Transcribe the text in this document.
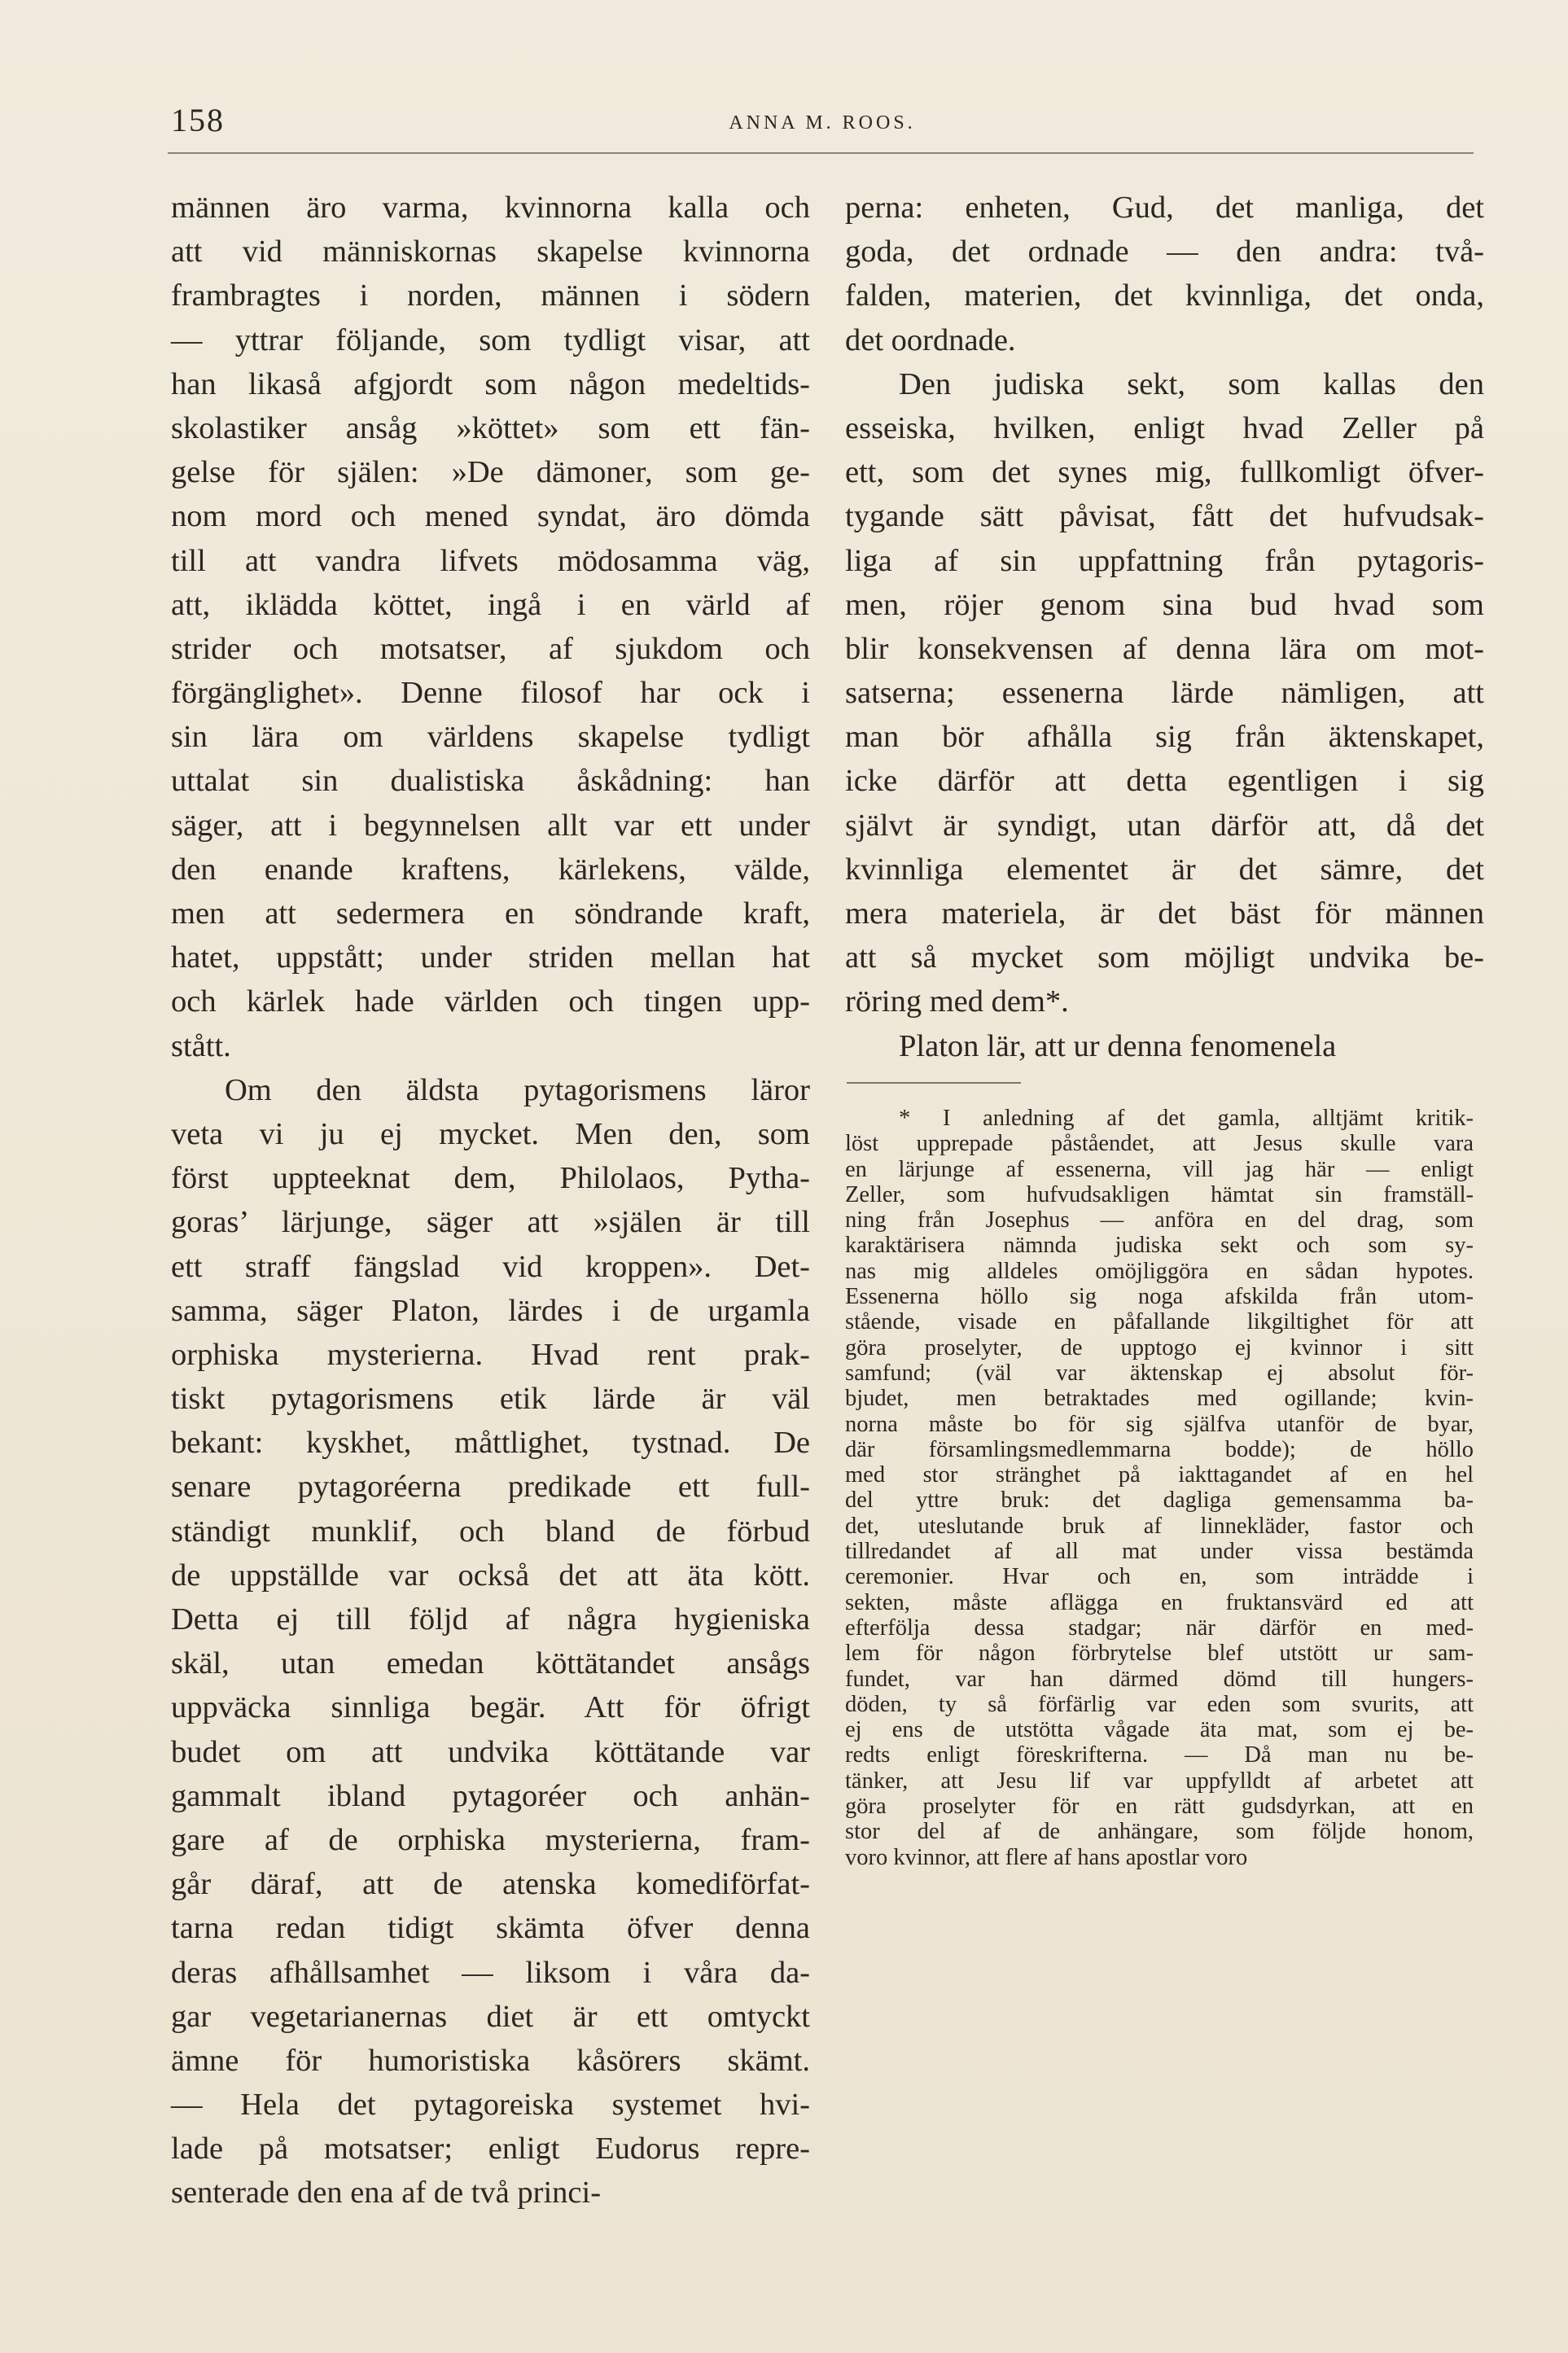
158	ANNA M. ROOS.
männen äro varma, kvinnorna kalla och
att vid människornas skapelse kvinnorna
frambragtes i norden, männen i södern
— yttrar följande, som tydligt visar, att
han likaså afgjordt som någon medeltids-
skolastiker ansåg »köttet» som ett fän-
gelse för själen: »De dämoner, som ge-
nom mord och mened syndat, äro dömda
till att vandra lifvets mödosamma väg,
att, iklädda köttet, ingå i en värld af
strider och motsatser, af sjukdom och
förgänglighet». Denne filosof har ock i
sin lära om världens skapelse tydligt
uttalat sin dualistiska åskådning: han
säger, att i begynnelsen allt var ett under
den enande kraftens, kärlekens, välde,
men att sedermera en söndrande kraft,
hatet, uppstått; under striden mellan hat
och kärlek hade världen och tingen upp-
stått.
Om den äldsta pytagorismens läror
veta vi ju ej mycket. Men den, som
först uppteeknat dem, Philolaos, Pytha-
goras’ lärjunge, säger att »själen är till
ett straff fängslad vid kroppen». Det-
samma, säger Platon, lärdes i de urgamla
orphiska mysterierna. Hvad rent prak-
tiskt pytagorismens etik lärde är väl
bekant: kyskhet, måttlighet, tystnad. De
senare pytagoréerna predikade ett full-
ständigt munklif, och bland de förbud
de uppställde var också det att äta kött.
Detta ej till följd af några hygieniska
skäl, utan emedan köttätandet ansågs
uppväcka sinnliga begär. Att för öfrigt
budet om att undvika köttätande var
gammalt ibland pytagoréer och anhän-
gare af de orphiska mysterierna, fram-
går däraf, att de atenska komediförfat-
tarna redan tidigt skämta öfver denna
deras afhållsamhet — liksom i våra da-
gar vegetarianernas diet är ett omtyckt
ämne för humoristiska kåsörers skämt.
— Hela det pytagoreiska systemet hvi-
lade på motsatser; enligt Eudorus repre-
senterade den ena af de två princi-
perna: enheten, Gud, det manliga, det
goda, det ordnade — den andra: två-
falden, materien, det kvinnliga, det onda,
det oordnade.
Den judiska sekt, som kallas den
esseiska, hvilken, enligt hvad Zeller på
ett, som det synes mig, fullkomligt öfver-
tygande sätt påvisat, fått det hufvudsak-
liga af sin uppfattning från pytagoris-
men, röjer genom sina bud hvad som
blir konsekvensen af denna lära om mot-
satserna; essenerna lärde nämligen, att
man bör afhålla sig från äktenskapet,
icke därför att detta egentligen i sig
självt är syndigt, utan därför att, då det
kvinnliga elementet är det sämre, det
mera materiela, är det bäst för männen
att så mycket som möjligt undvika be-
röring med dem*.
Platon lär, att ur denna fenomenela
* I anledning af det gamla, alltjämt kritik-
löst upprepade påståendet, att Jesus skulle vara
en lärjunge af essenerna, vill jag här — enligt
Zeller, som hufvudsakligen hämtat sin framställ-
ning från Josephus — anföra en del drag, som
karaktärisera nämnda judiska sekt och som sy-
nas mig alldeles omöjliggöra en sådan hypotes.
Essenerna höllo sig noga afskilda från utom-
stående, visade en påfallande likgiltighet för att
göra proselyter, de upptogo ej kvinnor i sitt
samfund; (väl var äktenskap ej absolut för-
bjudet, men betraktades med ogillande; kvin-
norna måste bo för sig själfva utanför de byar,
där församlingsmedlemmarna bodde); de höllo
med stor stränghet på iakttagandet af en hel
del yttre bruk: det dagliga gemensamma ba-
det, uteslutande bruk af linnekläder, fastor och
tillredandet af all mat under vissa bestämda
ceremonier. Hvar och en, som inträdde i
sekten, måste aflägga en fruktansvärd ed att
efterfölja dessa stadgar; när därför en med-
lem för någon förbrytelse blef utstött ur sam-
fundet, var han därmed dömd till hungers-
döden, ty så förfärlig var eden som svurits, att
ej ens de utstötta vågade äta mat, som ej be-
redts enligt föreskrifterna. — Då man nu be-
tänker, att Jesu lif var uppfylldt af arbetet att
göra proselyter för en rätt gudsdyrkan, att en
stor del af de anhängare, som följde honom,
voro kvinnor, att flere af hans apostlar voro
